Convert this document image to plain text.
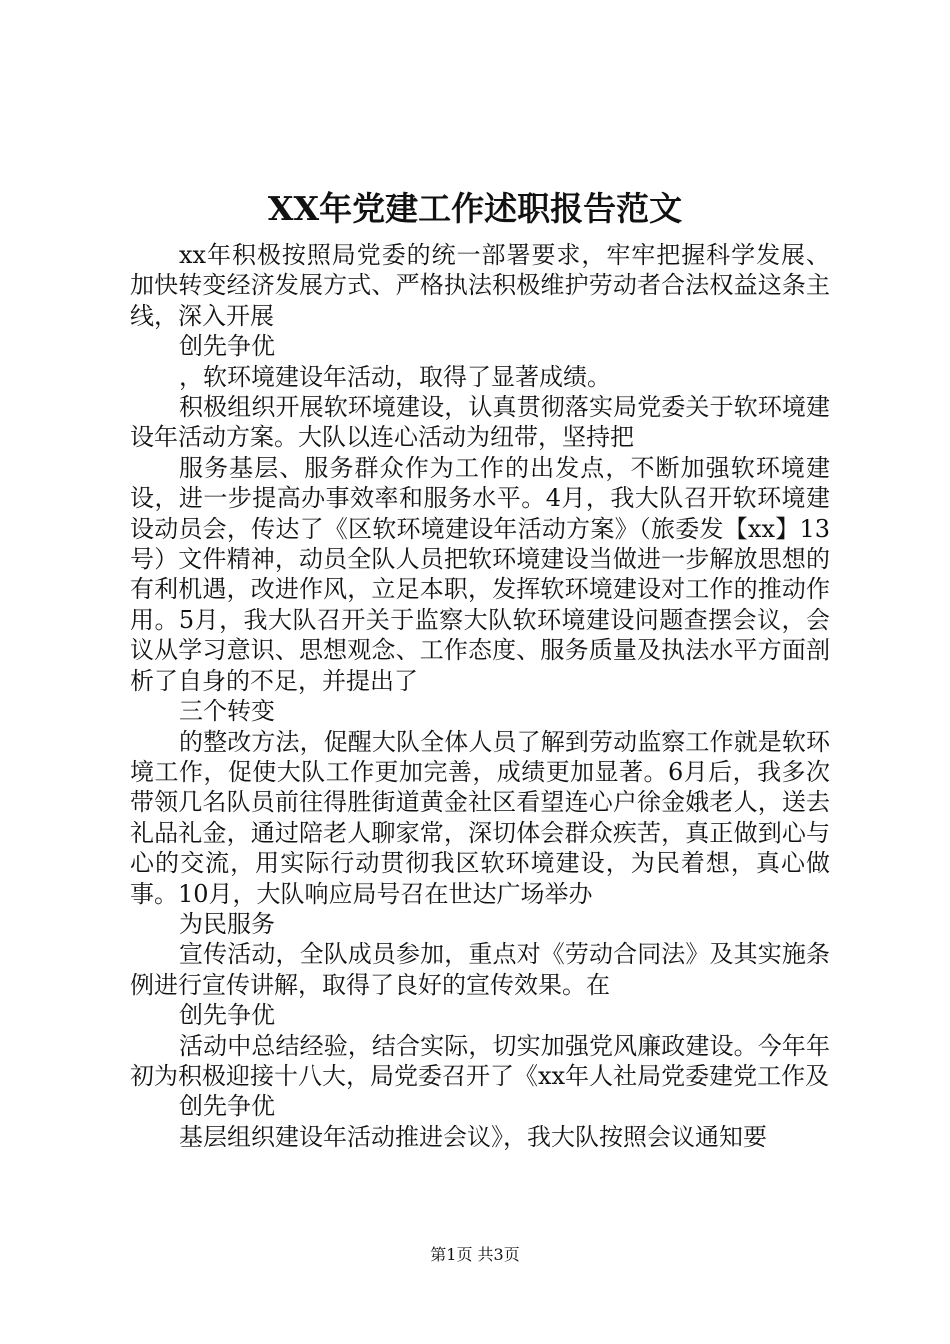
XX年党建工作述职报告范文

xx年积极按照局党委的统一部署要求，牢牢把握科学发展、加快转变经济发展方式、严格执法积极维护劳动者合法权益这条主线，深入开展

创先争优

，软环境建设年活动，取得了显著成绩。

积极组织开展软环境建设，认真贯彻落实局党委关于软环境建设年活动方案。大队以连心活动为纽带，坚持把

服务基层、服务群众作为工作的出发点，不断加强软环境建设，进一步提高办事效率和服务水平。4月，我大队召开软环境建设动员会，传达了《区软环境建设年活动方案》（旅委发【xx】13号）文件精神，动员全队人员把软环境建设当做进一步解放思想的有利机遇，改进作风，立足本职，发挥软环境建设对工作的推动作用。5月，我大队召开关于监察大队软环境建设问题查摆会议，会议从学习意识、思想观念、工作态度、服务质量及执法水平方面剖析了自身的不足，并提出了

三个转变

的整改方法，促醒大队全体人员了解到劳动监察工作就是软环境工作，促使大队工作更加完善，成绩更加显著。6月后，我多次带领几名队员前往得胜街道黄金社区看望连心户徐金娥老人，送去礼品礼金，通过陪老人聊家常，深切体会群众疾苦，真正做到心与心的交流，用实际行动贯彻我区软环境建设，为民着想，真心做事。10月，大队响应局号召在世达广场举办

为民服务

宣传活动，全队成员参加，重点对《劳动合同法》及其实施条例进行宣传讲解，取得了良好的宣传效果。在

创先争优

活动中总结经验，结合实际，切实加强党风廉政建设。今年年初为积极迎接十八大，局党委召开了《xx年人社局党委建党工作及

创先争优

基层组织建设年活动推进会议》，我大队按照会议通知要

第1页 共3页
